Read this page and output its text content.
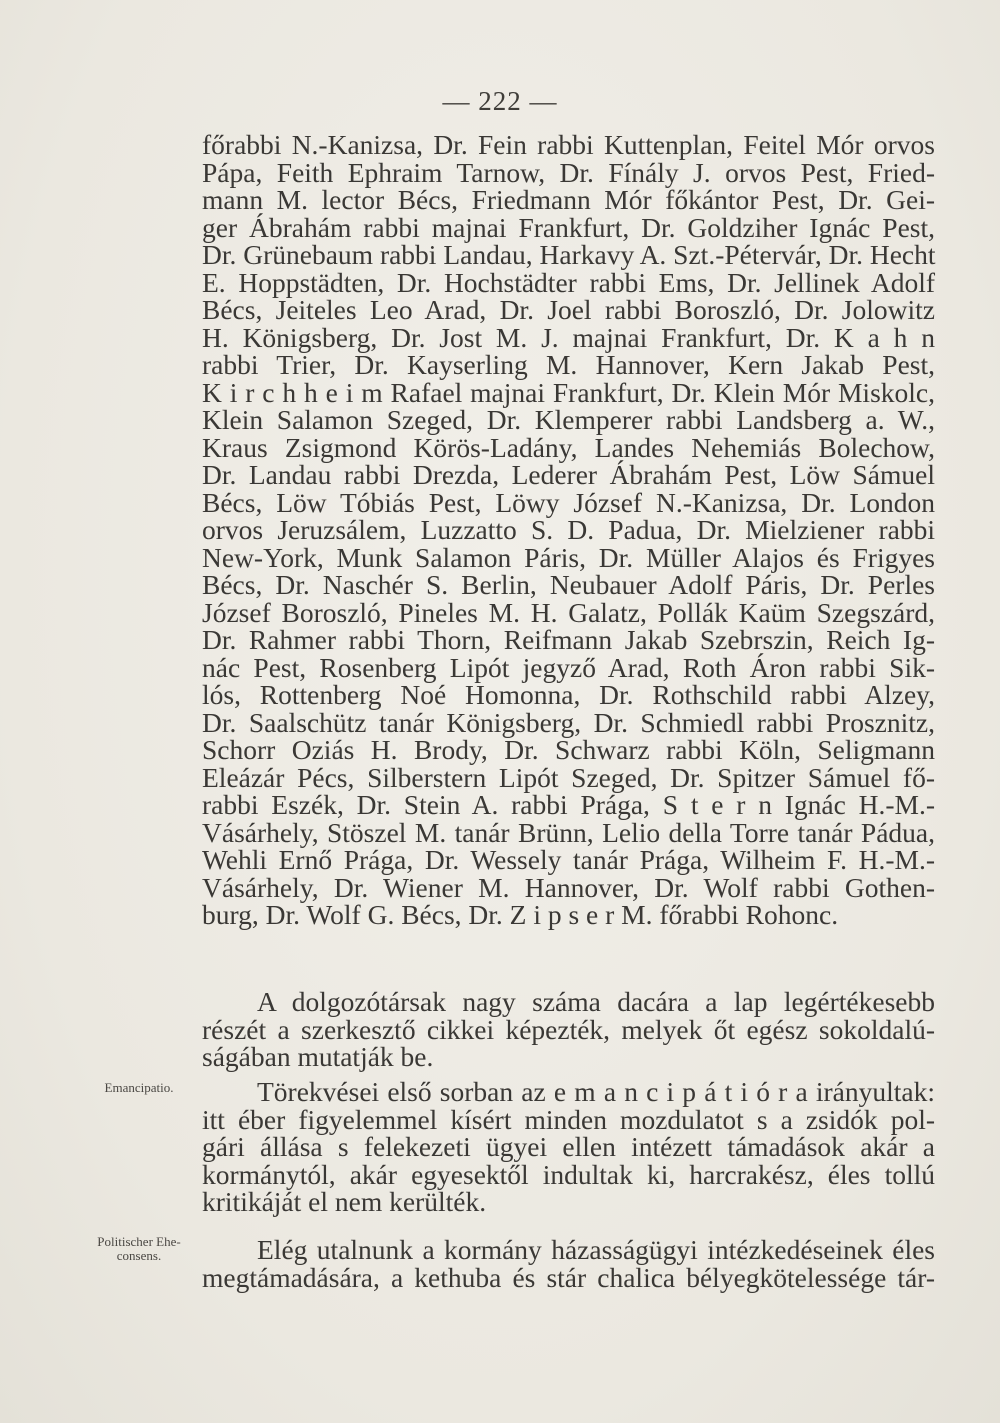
— 222 —
főrabbi N.-Kanizsa, Dr. Fein rabbi Kuttenplan, Feitel Mór orvos
Pápa, Feith Ephraim Tarnow, Dr. Fínály J. orvos Pest, Fried-
mann M. lector Bécs, Friedmann Mór főkántor Pest, Dr. Gei-
ger Ábrahám rabbi majnai Frankfurt, Dr. Goldziher Ignác Pest,
Dr. Grünebaum rabbi Landau, Harkavy A. Szt.-Pétervár, Dr. Hecht
E. Hoppstädten, Dr. Hochstädter rabbi Ems, Dr. Jellinek Adolf
Bécs, Jeiteles Leo Arad, Dr. Joel rabbi Boroszló, Dr. Jolowitz
H. Königsberg, Dr. Jost M. J. majnai Frankfurt, Dr. K a h n
rabbi Trier, Dr. Kayserling M. Hannover, Kern Jakab Pest,
K i r c h h e i m Rafael majnai Frankfurt, Dr. Klein Mór Miskolc,
Klein Salamon Szeged, Dr. Klemperer rabbi Landsberg a. W.,
Kraus Zsigmond Körös-Ladány, Landes Nehemiás Bolechow,
Dr. Landau rabbi Drezda, Lederer Ábrahám Pest, Löw Sámuel
Bécs, Löw Tóbiás Pest, Löwy József N.-Kanizsa, Dr. London
orvos Jeruzsálem, Luzzatto S. D. Padua, Dr. Mielziener rabbi
New-York, Munk Salamon Páris, Dr. Müller Alajos és Frigyes
Bécs, Dr. Naschér S. Berlin, Neubauer Adolf Páris, Dr. Perles
József Boroszló, Pineles M. H. Galatz, Pollák Kaüm Szegszárd,
Dr. Rahmer rabbi Thorn, Reifmann Jakab Szebrszin, Reich Ig-
nác Pest, Rosenberg Lipót jegyző Arad, Roth Áron rabbi Sik-
lós, Rottenberg Noé Homonna, Dr. Rothschild rabbi Alzey,
Dr. Saalschütz tanár Königsberg, Dr. Schmiedl rabbi Prosznitz,
Schorr Oziás H. Brody, Dr. Schwarz rabbi Köln, Seligmann
Eleázár Pécs, Silberstern Lipót Szeged, Dr. Spitzer Sámuel fő-
rabbi Eszék, Dr. Stein A. rabbi Prága, S t e r n Ignác H.-M.-
Vásárhely, Stöszel M. tanár Brünn, Lelio della Torre tanár Pádua,
Wehli Ernő Prága, Dr. Wessely tanár Prága, Wilheim F. H.-M.-
Vásárhely, Dr. Wiener M. Hannover, Dr. Wolf rabbi Gothen-
burg, Dr. Wolf G. Bécs, Dr. Z i p s e r M. főrabbi Rohonc.
A dolgozótársak nagy száma dacára a lap legértékesebb
részét a szerkesztő cikkei képezték, melyek őt egész sokoldalú-
ságában mutatják be.
Emancipatio.	Törekvései első sorban az e m a n c i p á t i ó r a irányultak:
itt éber figyelemmel kísért minden mozdulatot s a zsidók pol-
gári állása s felekezeti ügyei ellen intézett támadások akár a
kormánytól, akár egyesektől indultak ki, harcrakész, éles tollú
kritikáját el nem kerülték.
Politischer Ehe-
consens.	Elég utalnunk a kormány házasságügyi intézkedéseinek éles
megtámadására, a kethuba és stár chalica bélyegkötelessége tár-
